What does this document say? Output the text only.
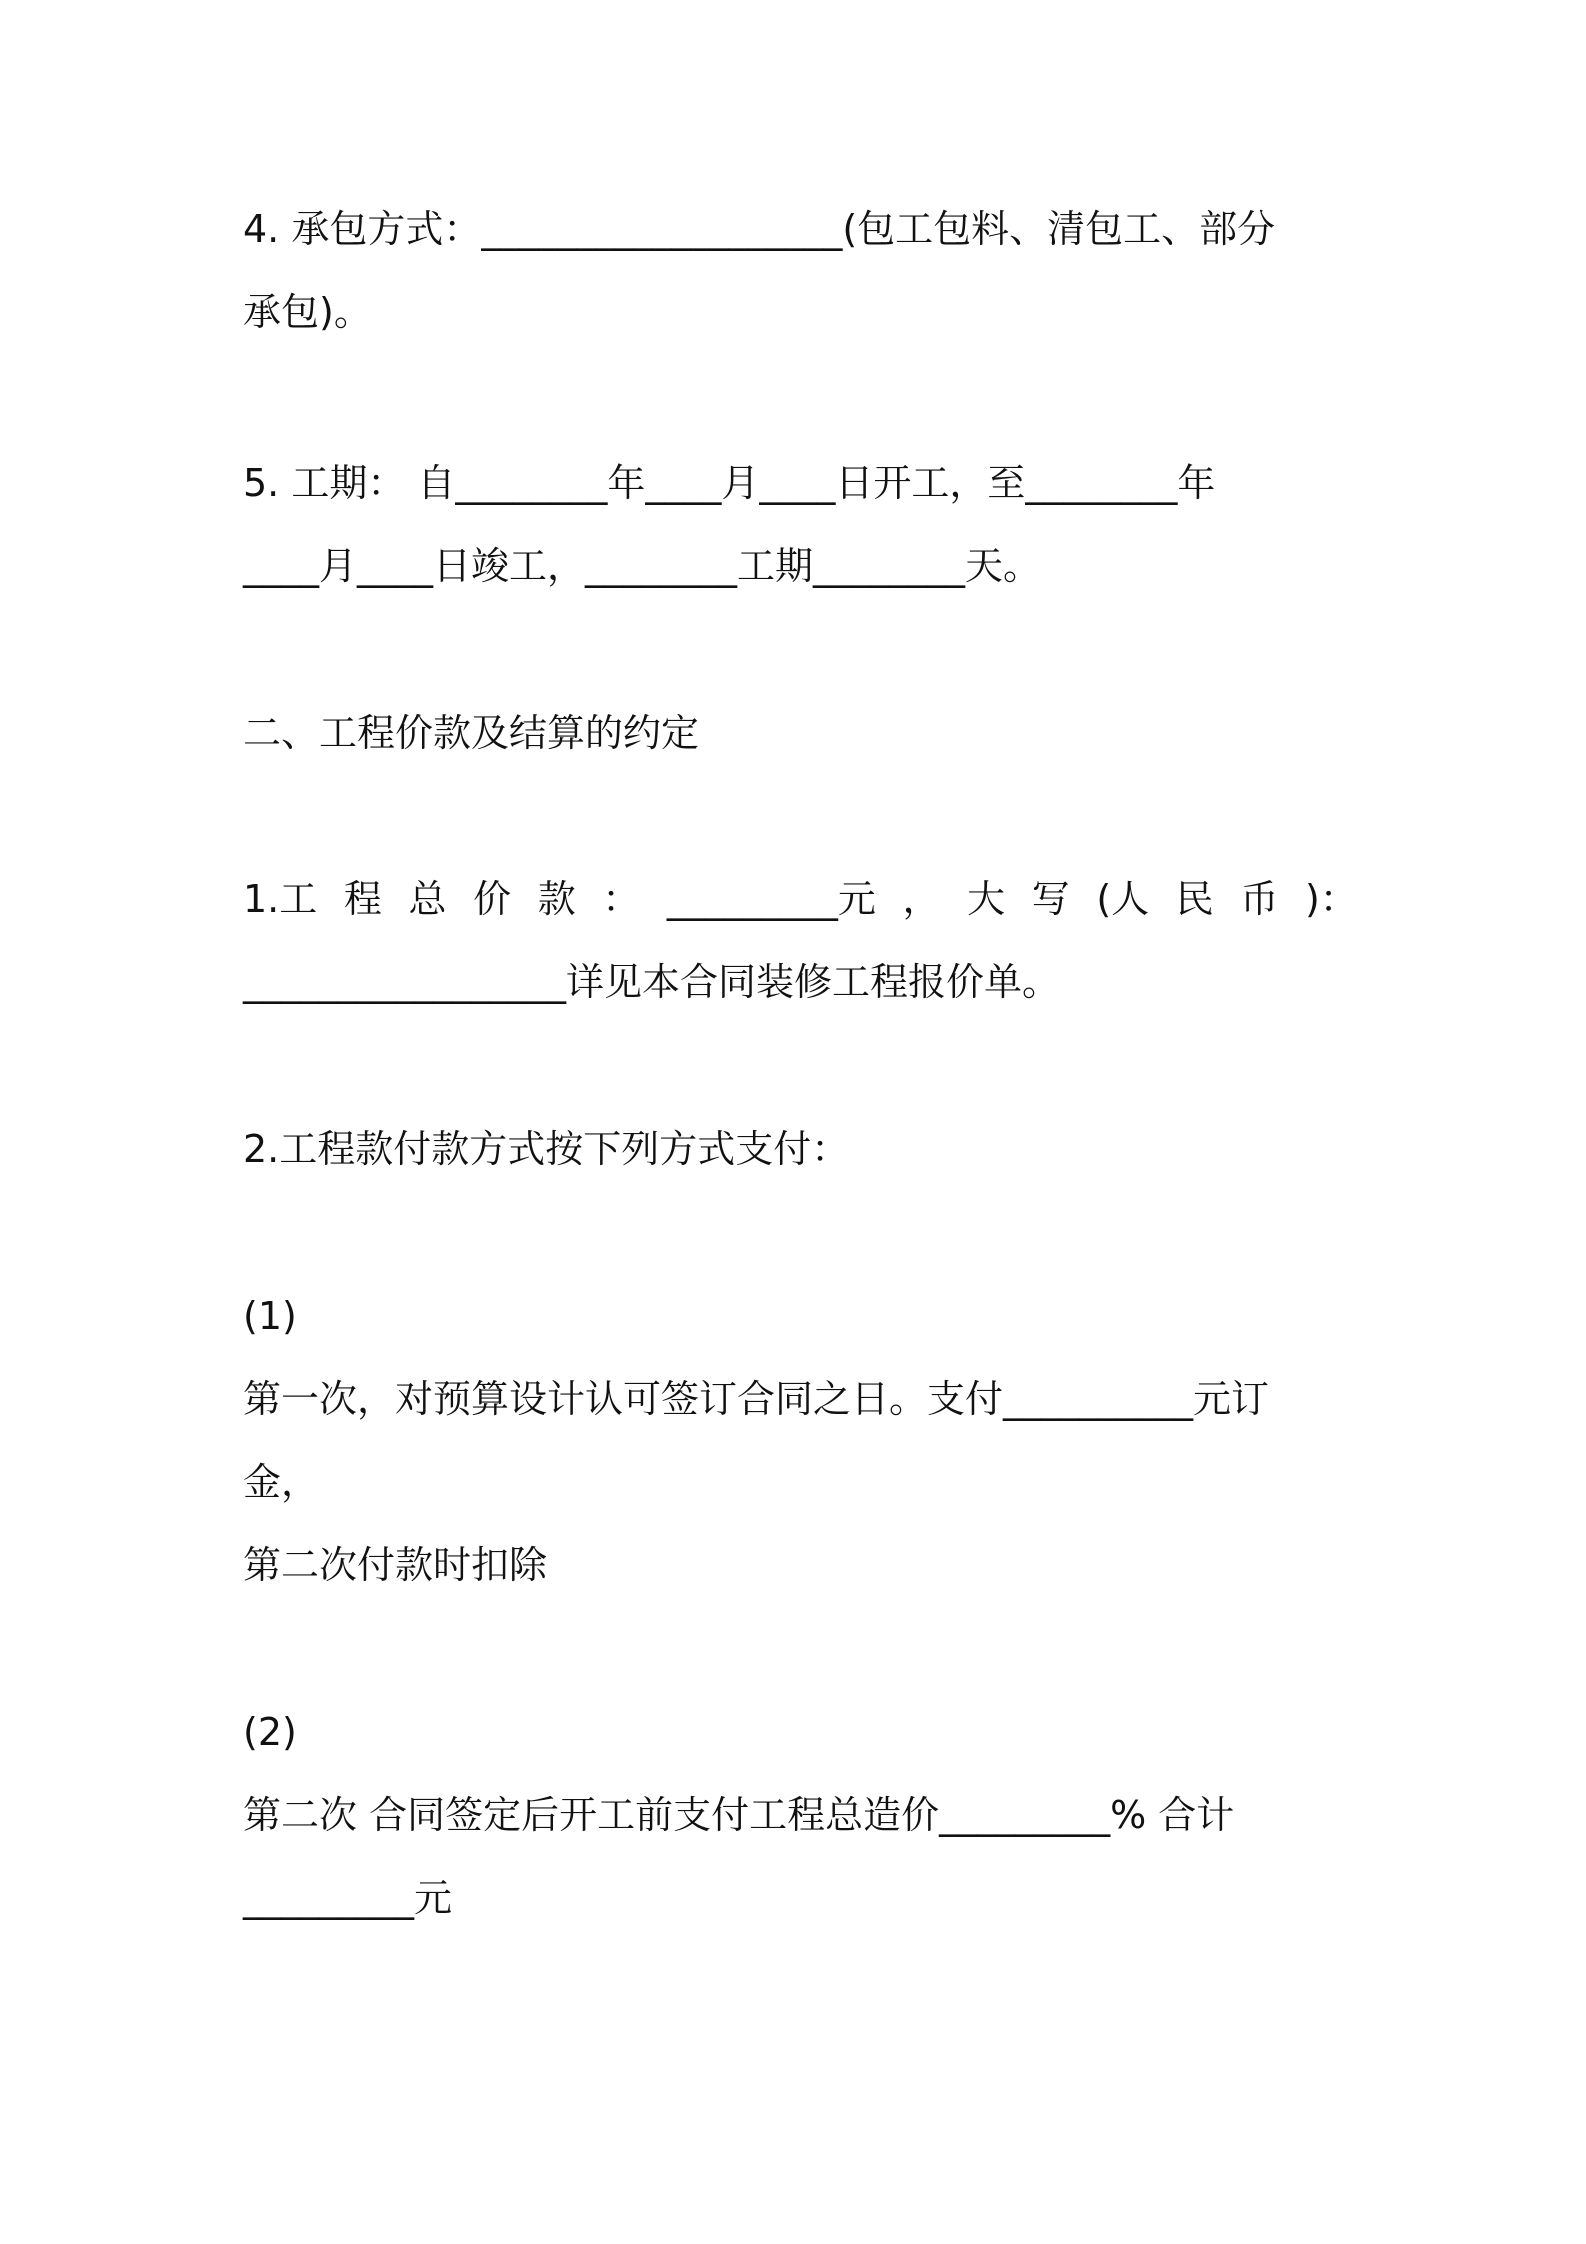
4. 承包方式：___________________(包工包料、清包工、部分
承包)。
5. 工期： 自________年____月____日开工，至________年
____月____日竣工，________工期________天。
二、工程价款及结算的约定
1.工 程 总 价 款 ： _________元 ， 大 写 (人 民 币 )：
_________________详见本合同装修工程报价单。
2.工程款付款方式按下列方式支付：
(1)
第一次，对预算设计认可签订合同之日。支付__________元订
金，
第二次付款时扣除
(2)
第二次 合同签定后开工前支付工程总造价_________% 合计
_________元
